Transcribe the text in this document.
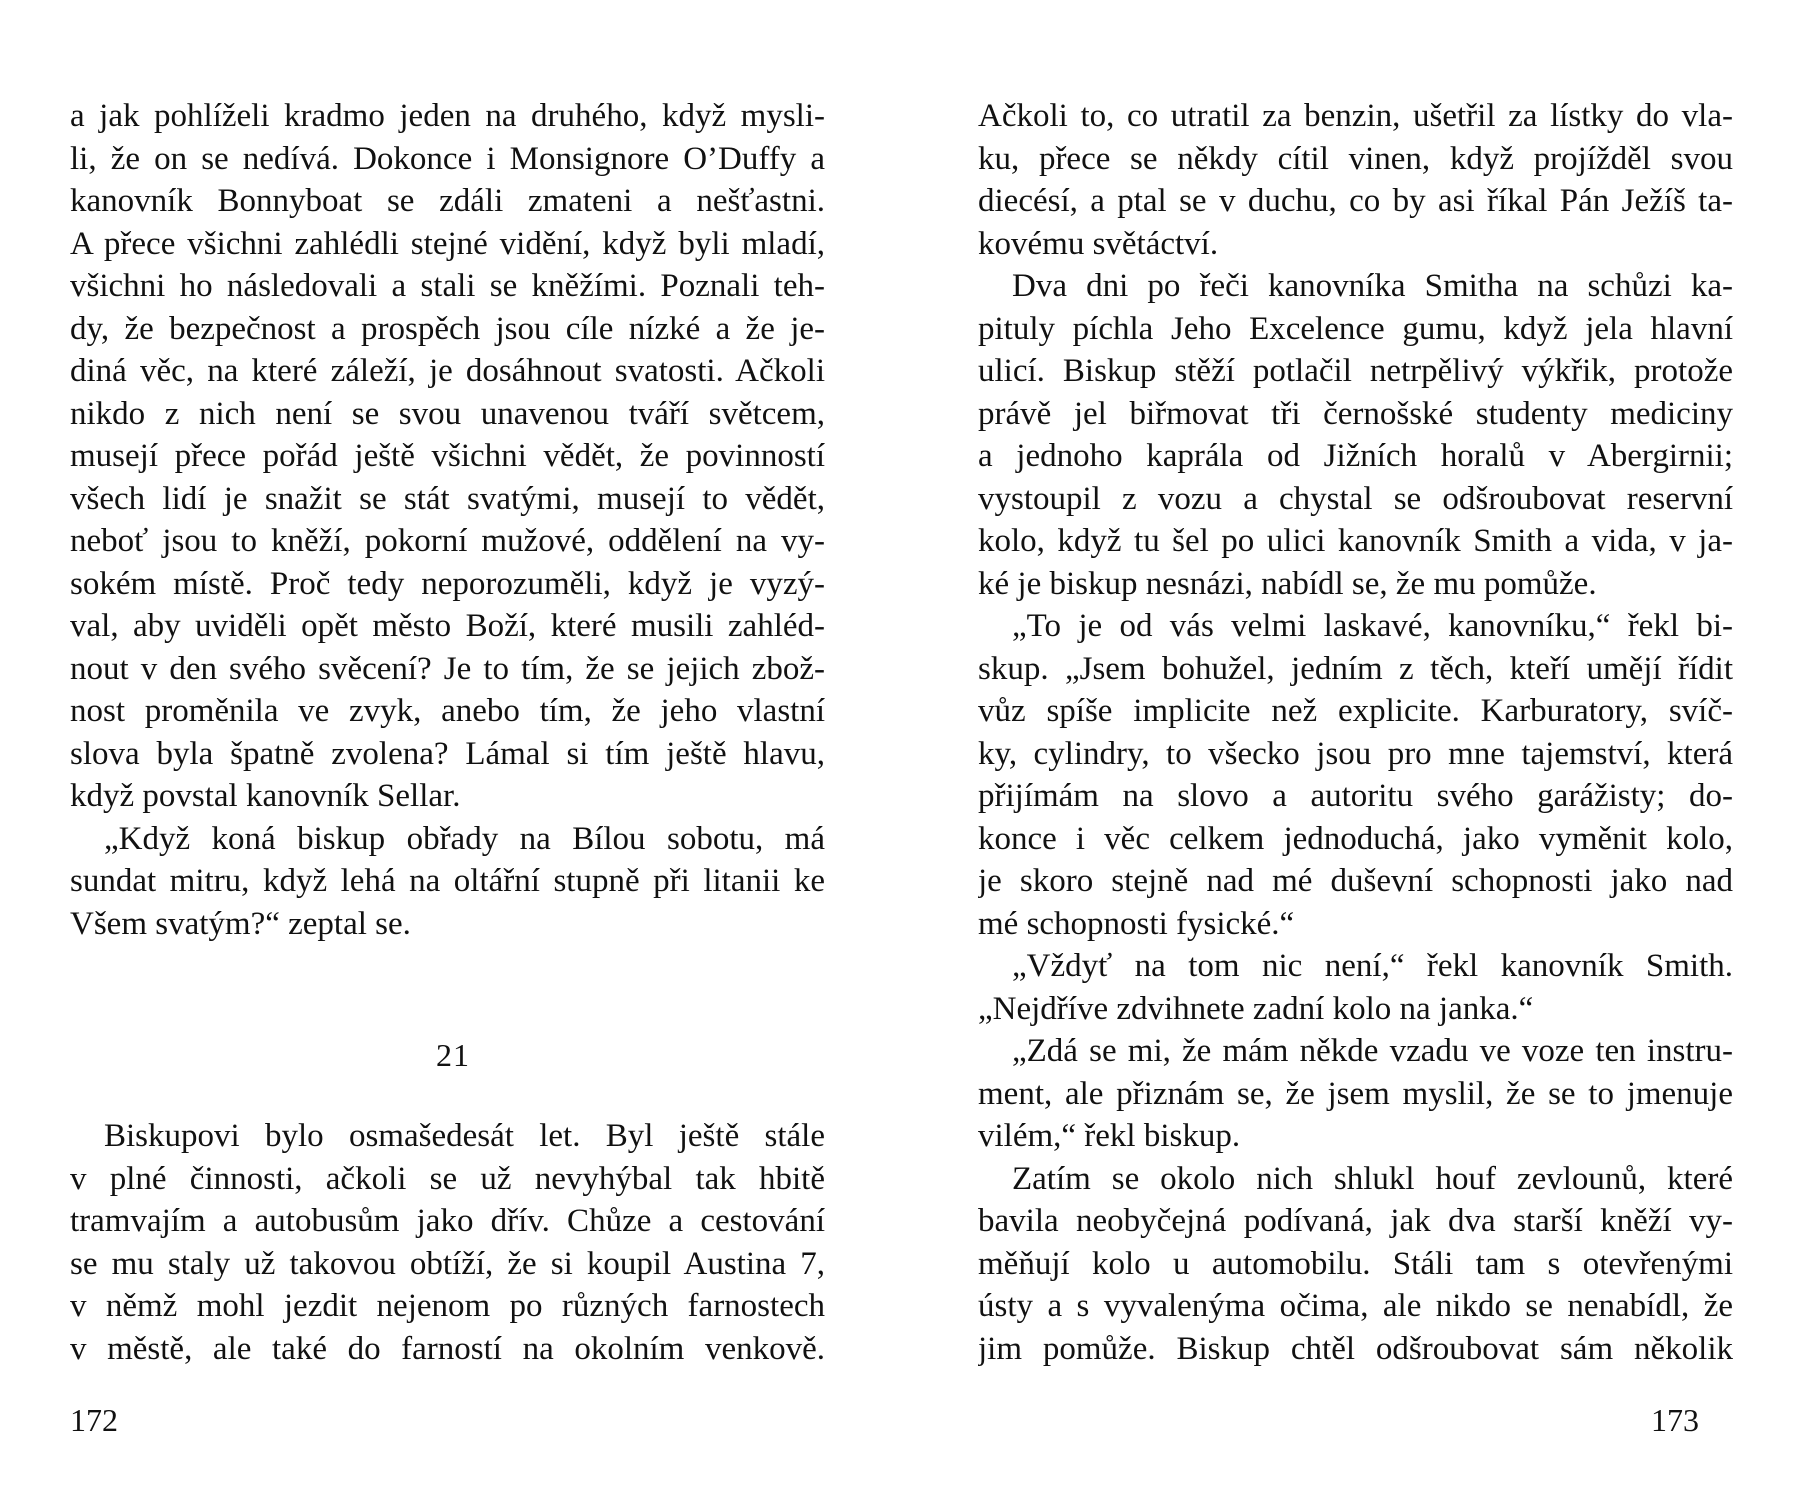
a jak pohlíželi kradmo jeden na druhého, když mysli-
li, že on se nedívá. Dokonce i Monsignore O’Duffy a
kanovník Bonnyboat se zdáli zmateni a nešťastni.
A přece všichni zahlédli stejné vidění, když byli mladí,
všichni ho následovali a stali se kněžími. Poznali teh-
dy, že bezpečnost a prospěch jsou cíle nízké a že je-
diná věc, na které záleží, je dosáhnout svatosti. Ačkoli
nikdo z nich není se svou unavenou tváří světcem,
musejí přece pořád ještě všichni vědět, že povinností
všech lidí je snažit se stát svatými, musejí to vědět,
neboť jsou to kněží, pokorní mužové, oddělení na vy-
sokém místě. Proč tedy neporozuměli, když je vyzý-
val, aby uviděli opět město Boží, které musili zahléd-
nout v den svého svěcení? Je to tím, že se jejich zbož-
nost proměnila ve zvyk, anebo tím, že jeho vlastní
slova byla špatně zvolena? Lámal si tím ještě hlavu,
když povstal kanovník Sellar.
„Když koná biskup obřady na Bílou sobotu, má
sundat mitru, když lehá na oltářní stupně při litanii ke
Všem svatým?“ zeptal se.
21
Biskupovi bylo osmašedesát let. Byl ještě stále
v plné činnosti, ačkoli se už nevyhýbal tak hbitě
tramvajím a autobusům jako dřív. Chůze a cestování
se mu staly už takovou obtíží, že si koupil Austina 7,
v němž mohl jezdit nejenom po různých farnostech
v městě, ale také do farností na okolním venkově.
172
Ačkoli to, co utratil za benzin, ušetřil za lístky do vla-
ku, přece se někdy cítil vinen, když projížděl svou
diecésí, a ptal se v duchu, co by asi říkal Pán Ježíš ta-
kovému světáctví.
Dva dni po řeči kanovníka Smitha na schůzi ka-
pituly píchla Jeho Excelence gumu, když jela hlavní
ulicí. Biskup stěží potlačil netrpělivý výkřik, protože
právě jel biřmovat tři černošské studenty mediciny
a jednoho kaprála od Jižních horalů v Abergirnii;
vystoupil z vozu a chystal se odšroubovat reservní
kolo, když tu šel po ulici kanovník Smith a vida, v ja-
ké je biskup nesnázi, nabídl se, že mu pomůže.
„To je od vás velmi laskavé, kanovníku,“ řekl bi-
skup. „Jsem bohužel, jedním z těch, kteří umějí řídit
vůz spíše implicite než explicite. Karburatory, svíč-
ky, cylindry, to všecko jsou pro mne tajemství, která
přijímám na slovo a autoritu svého garážisty; do-
konce i věc celkem jednoduchá, jako vyměnit kolo,
je skoro stejně nad mé duševní schopnosti jako nad
mé schopnosti fysické.“
„Vždyť na tom nic není,“ řekl kanovník Smith.
„Nejdříve zdvihnete zadní kolo na janka.“
„Zdá se mi, že mám někde vzadu ve voze ten instru-
ment, ale přiznám se, že jsem myslil, že se to jmenuje
vilém,“ řekl biskup.
Zatím se okolo nich shlukl houf zevlounů, které
bavila neobyčejná podívaná, jak dva starší kněží vy-
měňují kolo u automobilu. Stáli tam s otevřenými
ústy a s vyvalenýma očima, ale nikdo se nenabídl, že
jim pomůže. Biskup chtěl odšroubovat sám několik
173
